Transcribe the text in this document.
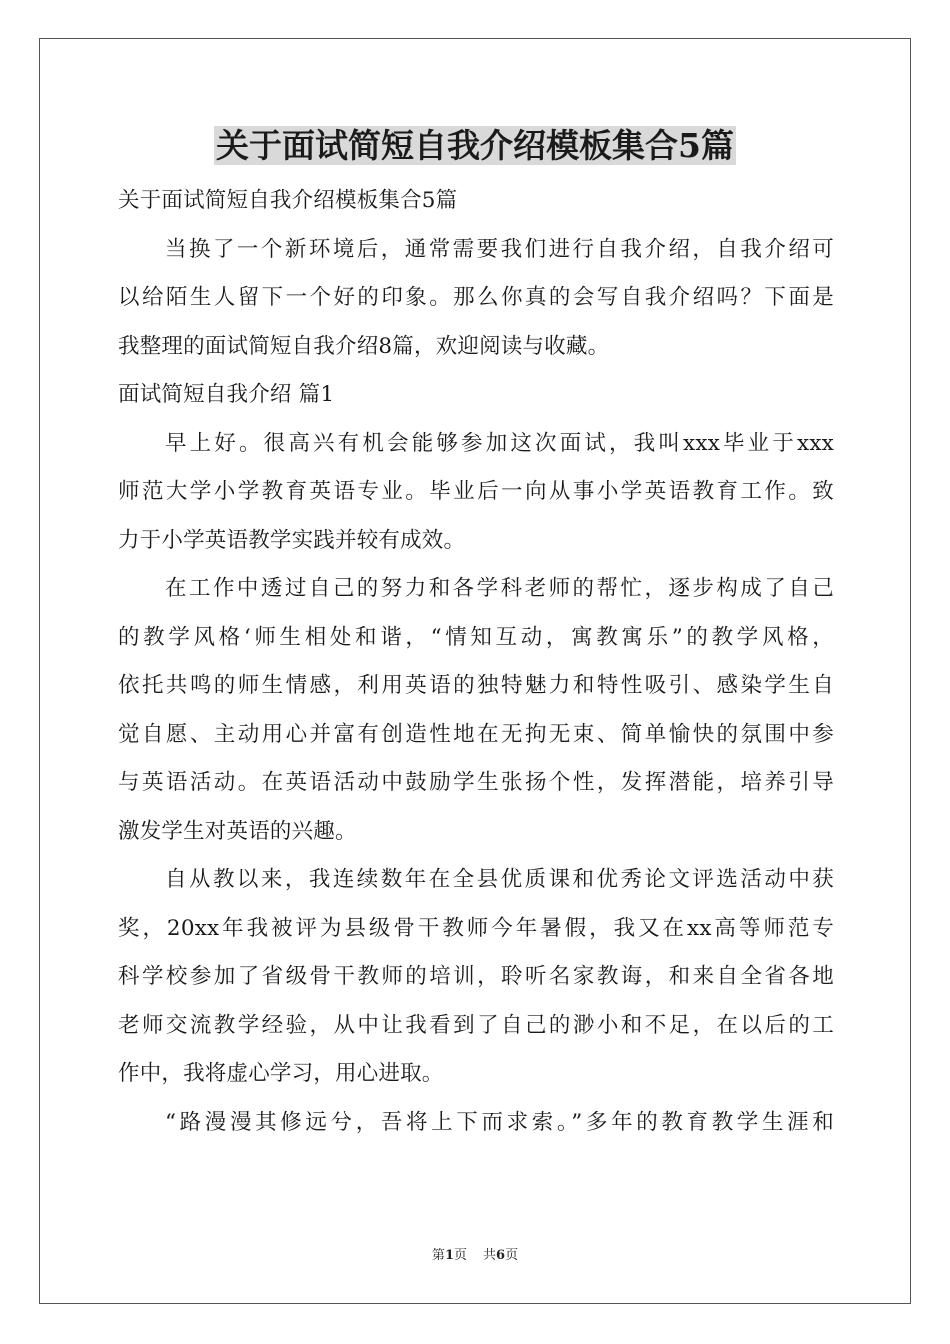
关于面试简短自我介绍模板集合5篇
关于面试简短自我介绍模板集合5篇
当换了一个新环境后，通常需要我们进行自我介绍，自我介绍可
以给陌生人留下一个好的印象。那么你真的会写自我介绍吗？下面是
我整理的面试简短自我介绍8篇，欢迎阅读与收藏。
面试简短自我介绍 篇1
早上好。很高兴有机会能够参加这次面试，我叫xxx毕业于xxx
师范大学小学教育英语专业。毕业后一向从事小学英语教育工作。致
力于小学英语教学实践并较有成效。
在工作中透过自己的努力和各学科老师的帮忙，逐步构成了自己
的教学风格‘师生相处和谐，“情知互动，寓教寓乐”的教学风格，
依托共鸣的师生情感，利用英语的独特魅力和特性吸引、感染学生自
觉自愿、主动用心并富有创造性地在无拘无束、简单愉快的氛围中参
与英语活动。在英语活动中鼓励学生张扬个性，发挥潜能，培养引导
激发学生对英语的兴趣。
自从教以来，我连续数年在全县优质课和优秀论文评选活动中获
奖，20xx年我被评为县级骨干教师今年暑假，我又在xx高等师范专
科学校参加了省级骨干教师的培训，聆听名家教诲，和来自全省各地
老师交流教学经验，从中让我看到了自己的渺小和不足，在以后的工
作中，我将虚心学习，用心进取。
“路漫漫其修远兮，吾将上下而求索。”多年的教育教学生涯和
第1页 共6页
